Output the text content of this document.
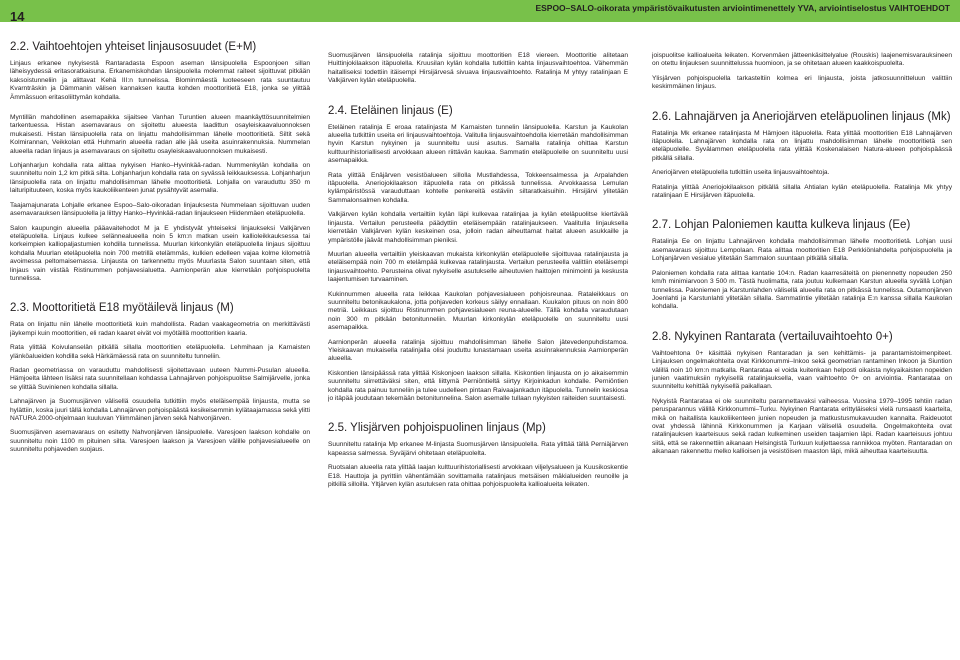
14
ESPOO–SALO-oikorata ympäristövaikutusten arviointimenettely YVA, arviointiselostus VAIHTOEHDOT
2.2. Vaihtoehtojen yhteiset linjausosuudet (E+M)

Linjaus erkanee nykyisestä Rantaradasta Espoon aseman länsipuolella Espoonjoen sillan läheisyydessä eritasoratkaisuna. Erkanemiskohdan länsipuolella molemmat raiteet sijoittuvat pitkään kaksoistunneliin ja alittavat Kehä III:n tunnelissa. Blominmäestä luoteeseen rata suuntautuu Kvarnträskin ja Dämmanin välisen kannaksen kautta kohden moottoritietä E18, jonka se ylittää Ämmässuon eritasoliittymän kohdalla.

Myntillän mahdollinen asemapaikka sijaitsee Vanhan Turuntien alueen maankäyttösuunnitelmien tarkentuessa. Histan asemavaraus on sijoitettu alueesta laadittun osayleiskaavaluonnoksen mukaisesti. Histan länsipuolella rata on linjattu mahdollisimman lähelle moottoritietä. Siltit sekä Kolmirannan, Veikkolan että Huhmarin alueella radan alle jää useita asuinrakennuksia. Nummelan alueella radan linjaus ja asemavaraus on sijoitettu osayleiskaavaluonnoksen mukaisesti.

Lohjanharjun kohdalla rata alittaa nykyisen Hanko–Hyvinkää-radan. Nummenkylän kohdalla on suunniteltu noin 1,2 km pitkä silta. Lohjanharjun kohdalla rata on syvässä leikkauksessa. Lohjanharjun länsipuolella rata on linjattu mahdollisimman lähelle moottoritietä. Lohjalla on varauduttu 350 m laituripituuteen, koska myös kaukoliikenteen junat pysähtyvät asemalla.

Taajamajunarata Lohjalle erkanee Espoo–Salo-oikoradan linjauksesta Nummelaan sijoittuvan uuden asemavarauksen länsipuolella ja liittyy Hanko–Hyvinkää-radan linjaukseen Hiidenmäen eteläpuolella.

Salon kaupungin alueella pääavaitehodot M ja E yhdistyvät yhteiseksi linjaukseksi Valkjärven eteläpuolella. Linjaus kulkee selännealueella noin 5 km:n matkan usein kallioleikkauksessa tai korkeimpien kalliopaljastumien kohdilla tunnelissa. Muurlan kirkonkylän eteläpuolella linjaus sijoittuu kohdalla Muurlan eteläpuolella noin 700 metrillä etelämmäs, kulkien edelleen vajaa kolme kilometriä avoimessa peltomaisemassa. Linjausta on tarkennettu myös Muurlasta Salon suuntaan siten, että linjaus vain viistää Ristinummen pohjavesialuetta. Aarnionperän alue kierretään pohjoispuolelta tunnelissa.

2.3. Moottoritietä E18 myötäilevä linjaus (M)

Rata on linjattu niin lähelle moottoritietä kuin mahdollista. Radan vaakageometria on merkittävästi jäykempi kuin moottoritien, eli radan kaaret eivät voi myötäillä moottoritien kaaria.

Rata ylittää Koivulanselän pitkällä sillalla moottoritien eteläpuolella. Lehmihaan ja Karnaisten ylänköalueiden kohdilla sekä Härkämäessä rata on suunniteltu tunneliin.

Radan geometriassa on varauduttu mahdollisesti sijoitettavaan uuteen Nummi-Pusulan alueella. Hämjoelta lähteen lisäksi rata suunnitellaan kohdassa Lahnajärven pohjoispuolitse Salmijärvelle, jonka se ylittää Suvinienen kohdalla sillalla.

Lahnajärven ja Suomusjärven välisellä osuudella tutkittiin myös eteläisempää linjausta, mutta se hylättiin, koska juuri tällä kohdalla Lahnajärven pohjoispäästä kesikeisemmin kylätaajamassa sekä ylitti NATURA 2000-ohjelmaan kuuluvan Yliimmäinen järven sekä Nahvonjärven.

Suomusjärven asemavaraus on esitetty Nahvonjärven länsipuolelle. Varesjoen laakson kohdalle on suunniteltu noin 1100 m pituinen silta. Varesjoen laakson ja Varesjoen välille pohjavesialueelle on suunniteltu pohjaveden suojaus.

Suomusjärven länsipuolella ratalinja sijoittuu moottoritien E18 viereen. Moottoritie alitetaan Huittinjokilaakson itäpuolella. Kruusilan kylän kohdalla tutkittiin kahta linjausvaihtoehtoa. Vähemmän haitalliseksi todettiin itäisempi Hirsijärvesä sivuava linjausvaihtoehto. Ratalinja M yhtyy ratalinjaan E Valkjärven kylän eteläpuolella.

2.4. Eteläinen linjaus (E)

Eteläinen ratalinja E eroaa ratalinjasta M Karnaisten tunnelin länsipuolella. Karstun ja Kaukolan alueella tutkittiin useita eri linjausvaihtoehtoja. Valitulla linjausvaihtoehdolla kierretään mahdollisimman hyvin Karstun nykyinen ja suunniteltu uusi asutus. Samalla ratalinja ohittaa Karstun kulttuurihistoriallisesti arvokkaan alueen riittävän kaukaa. Sammatin eteläpuolelle on suunniteltu uusi asemapaikka.

Rata ylittää Enäjärven vesistöalueen sillolla Mustlahdessa, Tokkeensalmessa ja Arpalahden itäpuolella. Aneriojokilaakson itäpuolella rata on pitkässä tunnelissa. Arvokkaassa Lemulan kylämpäristössä varauduttaan kohtelle penkereitä estäviin siltaratkaisuihin. Hirsijärvi ylitetään Sammalonsalmen kohdalla.

Valkjärven kylän kohdalla vertailtiin kylän läpi kulkevaa ratalinjaa ja kylän eteläpuolitse kiertävää linjausta. Vertailun perusteella päädyttiin eteläisempään ratalinjaukseen. Vaalitulla linjauksella kierretään Valkjärven kylän keskeinen osa, jolloin radan aiheuttamat haitat alueen asukkaille ja ympäristölle jäävät mahdollisimman pieniksi.

Muurlan alueella vertailtiin yleiskaavan mukaista kirkonkylän eteläpuolelle sijoittuvaa ratalinjausta ja eteläisempää noin 700 m etelämpää kulkevaa ratalinjausta. Vertailun perusteella valittiin eteläisempi linjausvaihtoehto. Perusteina olivat nykyiselle asutukselle aiheutuvien haittojen minimointi ja keskusta laajentumisen turvaaminen.

Kukinnummen alueella rata leikkaa Kaukolan pohjavesialueen pohjoisreunaa. Rataleikkaus on suunniteltu betonikaukalona, jotta pohjaveden korkeus säilyy ennallaan. Kuukalon pituus on noin 800 metriä. Leikkaus sijoittuu Ristinummen pohjavesialueen reuna-alueelle. Tällä kohdalla varaudutaan noin 300 m pitkään betonitunneliin. Muurlan kirkonkylän eteläpuolelle on suunniteltu uusi asemapaikka.

Aarnionperän alueella ratalinja sijoittuu mahdollisimman lähelle Salon jätevedenpuhdistamoa. Yleiskaavan mukaisella ratalinjalla olisi jouduttu lunastamaan useita asuinrakennuksia Aarnionperän alueella.

Kiskontien länsipäässä rata ylittää Kiskonjoen laakson sillalla. Kiskontien linjausta on jo aikaisemmin suunniteltu siirrettäväksi siten, että liittymä Perniöntieltä siirtyy Kirjoinkadun kohdalle. Perniöntien kohdalla rata painuu tunneliin ja tulee uudelleen pintaan Raivaajankadun itäpuolella. Tunnelin keskiosa jo itäpää joudutaan tekemään betonitunnelina. Salon asemalle tullaan nykyisten raiteiden suuntaisesti.

2.5. Ylisjärven pohjoispuolinen linjaus (Mp)

Suunniteltu ratalinja Mp erkanee M-linjasta Suomusjärven länsipuolella. Rata ylittää tällä Perniäjärven kapeassa salmessa. Syväjärvi ohitetaan eteläpuolelta.

Ruotsalan alueella rata ylittää laajan kulttuurihistoriallisesti arvokkaan viljelysalueen ja Kuusikoskentie E18. Hauttoja ja pyrittiin vähentämään sovittamalla ratalinjaus metsäisen mäkialueiden reunoille ja pitkillä silloilla. Yltjärven kylän asutuksen rata ohittaa pohjoispuolelta kallioalueita leikaten.

joispuolitse kallioalueita leikaten. Korvenmäen jätteenkäsittelyalue (Rouskis) laajenemisvarauksineen on otettu linjauksen suunnittelussa huomioon, ja se ohitetaan alueen kaakkoispuolelta.

Ylisjärven pohjoispuolella tarkasteltiin kolmea eri linjausta, joista jatkosuunnitteluun valittiin keskimmäinen linjaus.

2.6. Lahnajärven ja Aneriojärven eteläpuolinen linjaus (Mk)

Ratalinja Mk erkanee ratalinjasta M Hämjoen itäpuolella. Rata ylittää moottoritien E18 Lahnajärven itäpuolella. Lahnajärven kohdalla rata on linjattu mahdollisimman lähelle moottoritietä sen eteläpuolelle. Syvälammen eteläpuolella rata ylittää Koskenalaisen Natura-alueen pohjoispäässä pitkällä sillalla.

Aneriojärven eteläpuolella tutkittiin useita linjausvaihtoehtoja.

Ratalinja ylittää Aneriojokilaakson pitkällä sillalla Ahtialan kylän eteläpuolella. Ratalinja Mk yhtyy ratalinjaan E Hirsijärven itäpuolella.

2.7. Lohjan Paloniemen kautta kulkeva linjaus (Ee)

Ratalinja Ee on linjattu Lahnajärven kohdalla mahdollisimman lähelle moottoritietä. Lohjan uusi asemavaraus sijoittuu Lempolaan. Rata alittaa moottoritien E18 Perkkiönlahdelta pohjoispuolella ja Lohjanjärven vesialue ylitetään Sammalon suuntaan pitkällä sillalla.

Paloniemen kohdalla rata alittaa kantatie 104:n. Radan kaarresäteitä on pienennetty nopeuden 250 km/h minimiarvoon 3 500 m. Tästä huolimatta, rata joutuu kulkemaan Karstun alueella syvällä Lohjan tunnelissa. Paloniemen ja Karstunlahden välisellä alueella rata on pitkässä tunnelissa. Outamonjärven Joenlahti ja Karstunlahti ylitetään sillalla. Sammatintie ylitetään ratalinja E:n kanssa sillalla Kaukolan kohdalla.

2.8. Nykyinen Rantarata (vertailuvaihtoehto 0+)

Vaihtoehtona 0+ käsittää nykyisen Rantaradan ja sen kehittämis- ja parantamistoimenpiteet. Linjauksen ongelmakohteita ovat Kirkkonummi–Inkoo sekä geometrian rantaminen Inkoon ja Siuntion välillä noin 10 km:n matkalla. Rantarataa ei voida kuitenkaan helposti oikaista nykyaikaisten nopeiden junien vaatimuksiin nykyisellä ratalinjauksella, vaan vaihtoehto 0+ on arviointia. Rantarataa on suunniteltu kehittää nykyisellä paikallaan.

Nykyistä Rantarataa ei ole suunniteltu parannettavaksi vaiheessa. Vuosina 1979–1995 tehtiin radan perusparannus välillä Kirkkonummi–Turku. Nykyinen Rantarata erittyläiseksi vielä runsaasti kaarteita, mikä on haitallista kaukoliikenteen junien nopeuden ja matkustusmukavuuden kannalta. Raideuotot ovat yhdessä lähinnä Kirkkonummen ja Karjaan välisellä osuudella. Ongelmakohteita ovat ratalinjauksen kaarteisuus sekä radan kulkeminen useiden taajamien läpi. Radan kaarteisuus johtuu siitä, että se rakennettiin aikanaan Helsingistä Turkuun kuljettaessa rannikkoa myöten. Rantaradan on aikanaan rakennettu melko kallioisen ja vesistöisen maaston läpi, mikä aiheuttaa kaarteisuutta.
